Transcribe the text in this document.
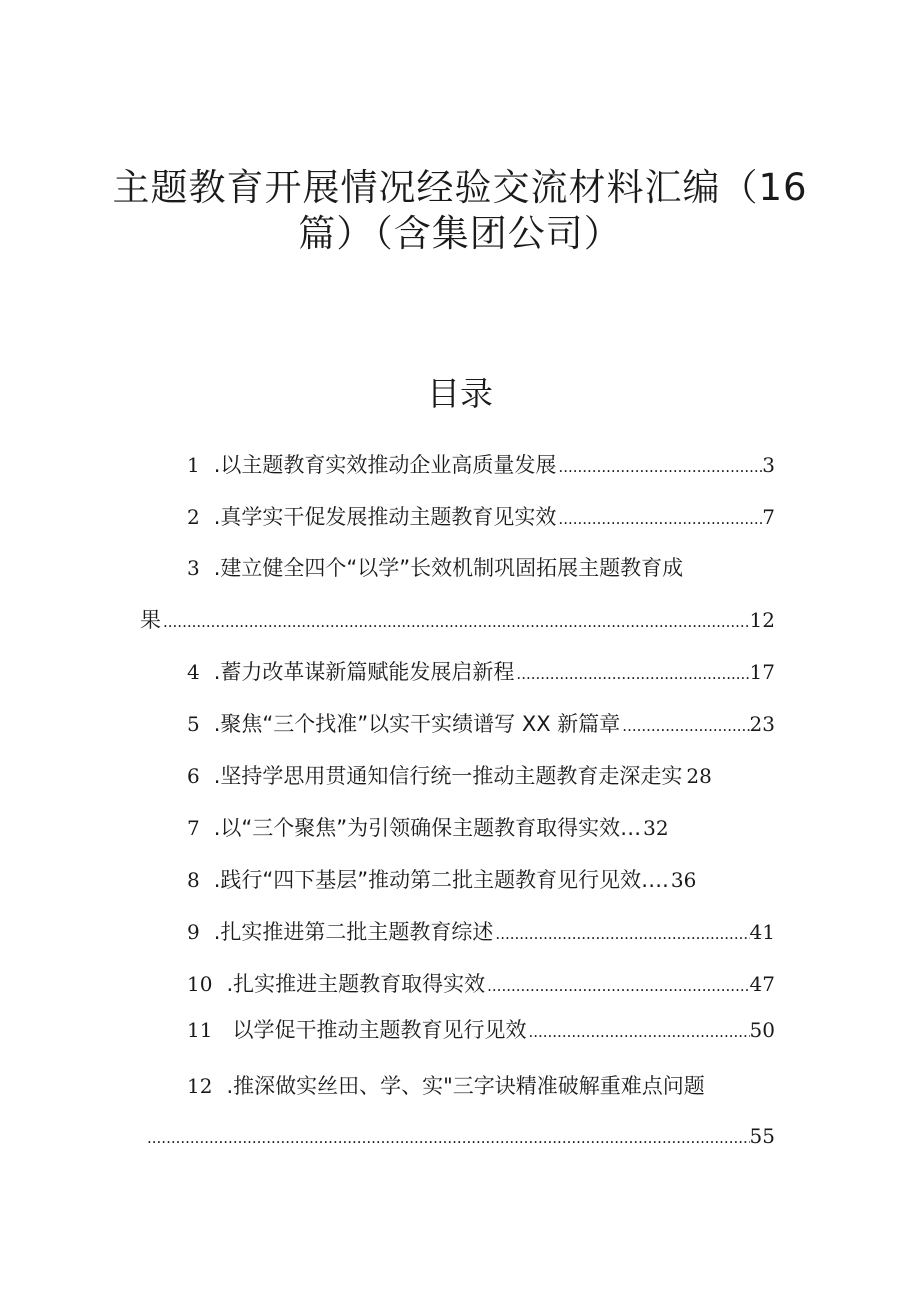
主题教育开展情况经验交流材料汇编（16
篇）（含集团公司）
目录
1 .以主题教育实效推动企业高质量发展 .....	3
2 .真学实干促发展推动主题教育见实效 .....	7
3 .建立健全四个“以学”长效机制巩固拓展主题教育成
果 .....	12
4 .蓄力改革谋新篇赋能发展启新程 .....	17
5 .聚焦“三个找准”以实干实绩谱写 XX 新篇章 .....	23
6 .坚持学思用贯通知信行统一推动主题教育走深走实 28
7 .以“三个聚焦”为引领确保主题教育取得实效… 32
8 .践行“四下基层”推动第二批主题教育见行见效…. 36
9 .扎实推进第二批主题教育综述 .....	41
10 .扎实推进主题教育取得实效 .....	47
11 以学促干推动主题教育见行见效 .....	50
12 .推深做实丝田、学、实"三字诀精准破解重难点问题
.....
55
